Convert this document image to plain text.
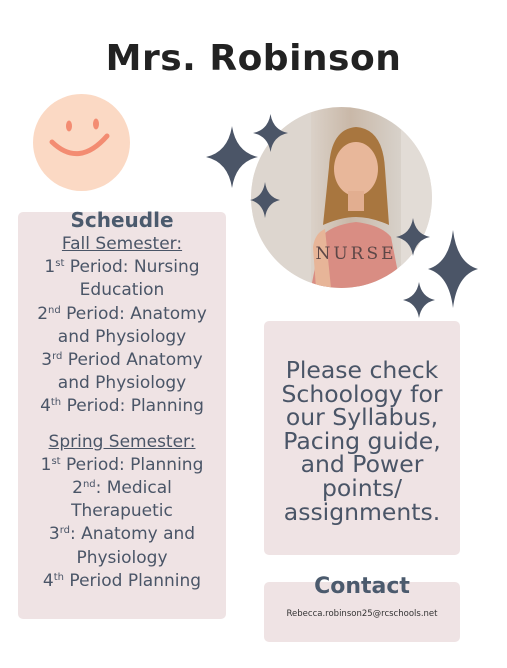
Mrs. Robinson
Scheudle
Fall Semester:
1st Period: Nursing
Education
2nd Period: Anatomy
and Physiology
3rd Period Anatomy
and Physiology
4th Period: Planning
Spring Semester:
1st Period: Planning
2nd: Medical
Therapuetic
3rd: Anatomy and
Physiology
4th Period Planning
NURSE
Please check
Schoology for
our Syllabus,
Pacing guide,
and Power
points/
assignments.
Contact
Rebecca.robinson25@rcschools.net
